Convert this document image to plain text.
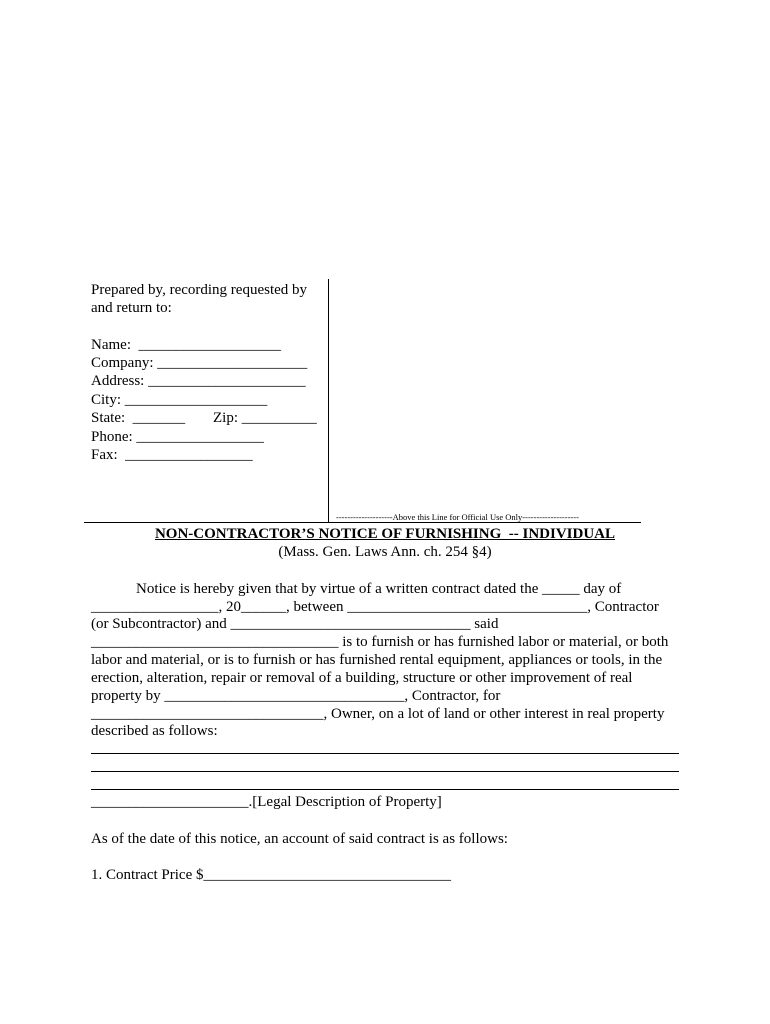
Prepared by, recording requested by
and return to:
Name:  ___________________
Company: ____________________
Address: _____________________
City: ___________________
State:  _______ Zip: __________
Phone: _________________
Fax:  _________________
--------------------Above this Line for Official Use Only--------------------
NON-CONTRACTOR’S NOTICE OF FURNISHING  -- INDIVIDUAL
(Mass. Gen. Laws Ann. ch. 254 §4)
Notice is hereby given that by virtue of a written contract dated the _____ day of
_________________, 20______, between ________________________________, Contractor
(or Subcontractor) and ________________________________ said
_________________________________ is to furnish or has furnished labor or material, or both
labor and material, or is to furnish or has furnished rental equipment, appliances or tools, in the
erection, alteration, repair or removal of a building, structure or other improvement of real
property by ________________________________, Contractor, for
_______________________________, Owner, on a lot of land or other interest in real property
described as follows:
_____________________.[Legal Description of Property]
As of the date of this notice, an account of said contract is as follows:
1. Contract Price $_________________________________
